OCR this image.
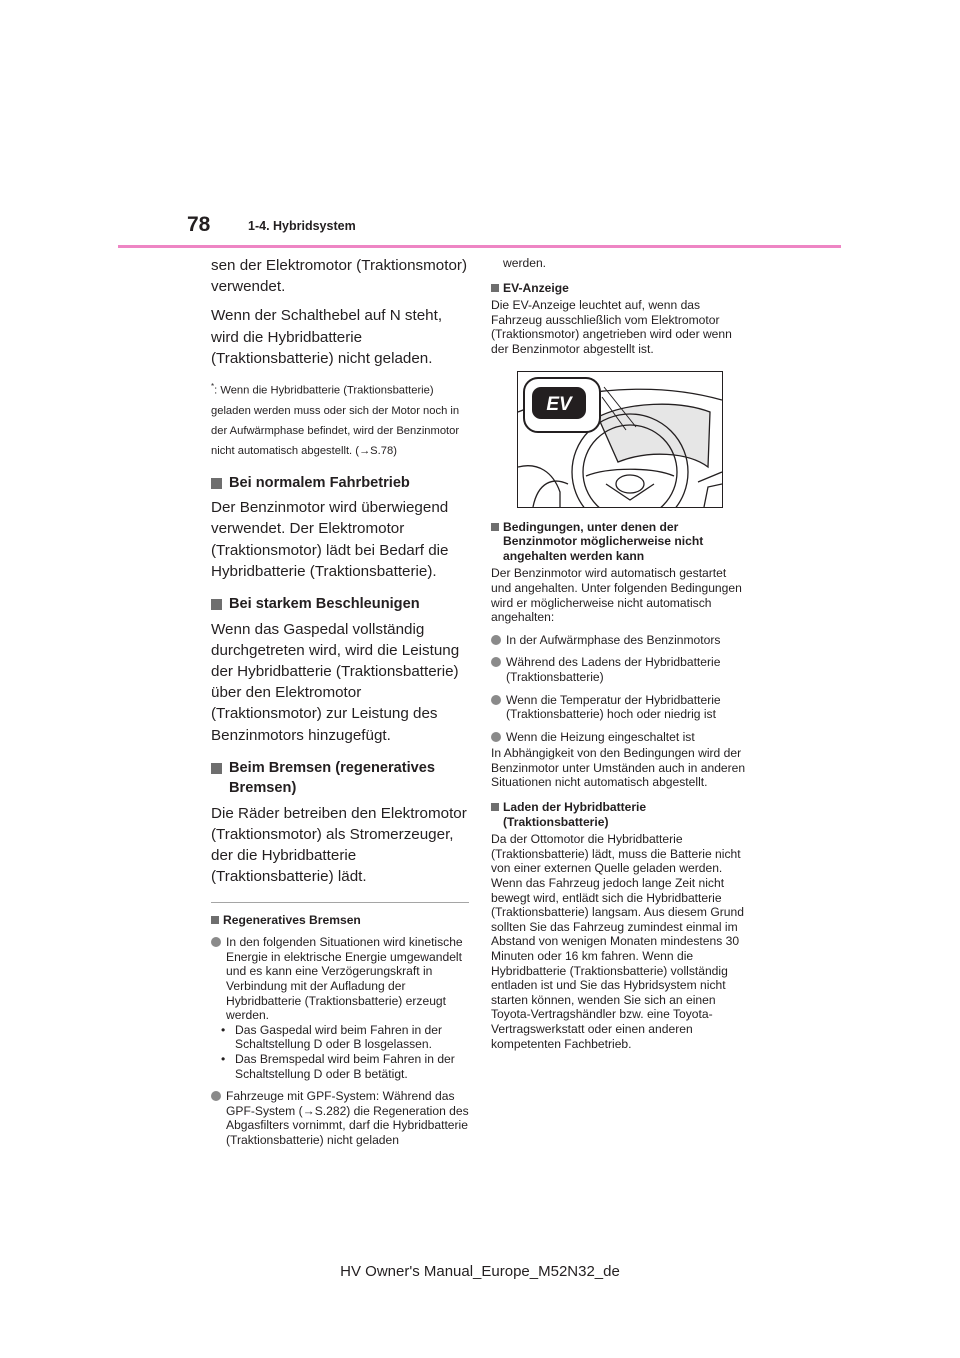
78	1-4. Hybridsystem

sen der Elektromotor (Traktionsmotor) verwendet.

Wenn der Schalthebel auf N steht, wird die Hybridbatterie (Traktionsbatterie) nicht geladen.

*: Wenn die Hybridbatterie (Traktionsbatterie) geladen werden muss oder sich der Motor noch in der Aufwärmphase befindet, wird der Benzinmotor nicht automatisch abgestellt. (→S.78)

Bei normalem Fahrbetrieb

Der Benzinmotor wird überwiegend verwendet. Der Elektromotor (Traktionsmotor) lädt bei Bedarf die Hybridbatterie (Traktionsbatterie).

Bei starkem Beschleunigen

Wenn das Gaspedal vollständig durchgetreten wird, wird die Leistung der Hybridbatterie (Traktionsbatterie) über den Elektromotor (Traktionsmotor) zur Leistung des Benzinmotors hinzugefügt.

Beim Bremsen (regeneratives Bremsen)

Die Räder betreiben den Elektromotor (Traktionsmotor) als Stromerzeuger, der die Hybridbatterie (Traktionsbatterie) lädt.

Regeneratives Bremsen
In den folgenden Situationen wird kinetische Energie in elektrische Energie umgewandelt und es kann eine Verzögerungskraft in Verbindung mit der Aufladung der Hybridbatterie (Traktionsbatterie) erzeugt werden.
• Das Gaspedal wird beim Fahren in der Schaltstellung D oder B losgelassen.
• Das Bremspedal wird beim Fahren in der Schaltstellung D oder B betätigt.
Fahrzeuge mit GPF-System: Während das GPF-System (→S.282) die Regeneration des Abgasfilters vornimmt, darf die Hybridbatterie (Traktionsbatterie) nicht geladen

werden.

EV-Anzeige

Die EV-Anzeige leuchtet auf, wenn das Fahrzeug ausschließlich vom Elektromotor (Traktionsmotor) angetrieben wird oder wenn der Benzinmotor abgestellt ist.

EV
Bedingungen, unter denen der Benzinmotor möglicherweise nicht angehalten werden kann

Der Benzinmotor wird automatisch gestartet und angehalten. Unter folgenden Bedingungen wird er möglicherweise nicht automatisch angehalten:

In der Aufwärmphase des Benzinmotors
Während des Ladens der Hybridbatterie (Traktionsbatterie)
Wenn die Temperatur der Hybridbatterie (Traktionsbatterie) hoch oder niedrig ist
Wenn die Heizung eingeschaltet ist

In Abhängigkeit von den Bedingungen wird der Benzinmotor unter Umständen auch in anderen Situationen nicht automatisch abgestellt.

Laden der Hybridbatterie (Traktionsbatterie)

Da der Ottomotor die Hybridbatterie (Traktionsbatterie) lädt, muss die Batterie nicht von einer externen Quelle geladen werden. Wenn das Fahrzeug jedoch lange Zeit nicht bewegt wird, entlädt sich die Hybridbatterie (Traktionsbatterie) langsam. Aus diesem Grund sollten Sie das Fahrzeug zumindest einmal im Abstand von wenigen Monaten mindestens 30 Minuten oder 16 km fahren. Wenn die Hybridbatterie (Traktionsbatterie) vollständig entladen ist und Sie das Hybridsystem nicht starten können, wenden Sie sich an einen Toyota-Vertragshändler bzw. eine Toyota-Vertragswerkstatt oder einen anderen kompetenten Fachbetrieb.

HV Owner's Manual_Europe_M52N32_de
